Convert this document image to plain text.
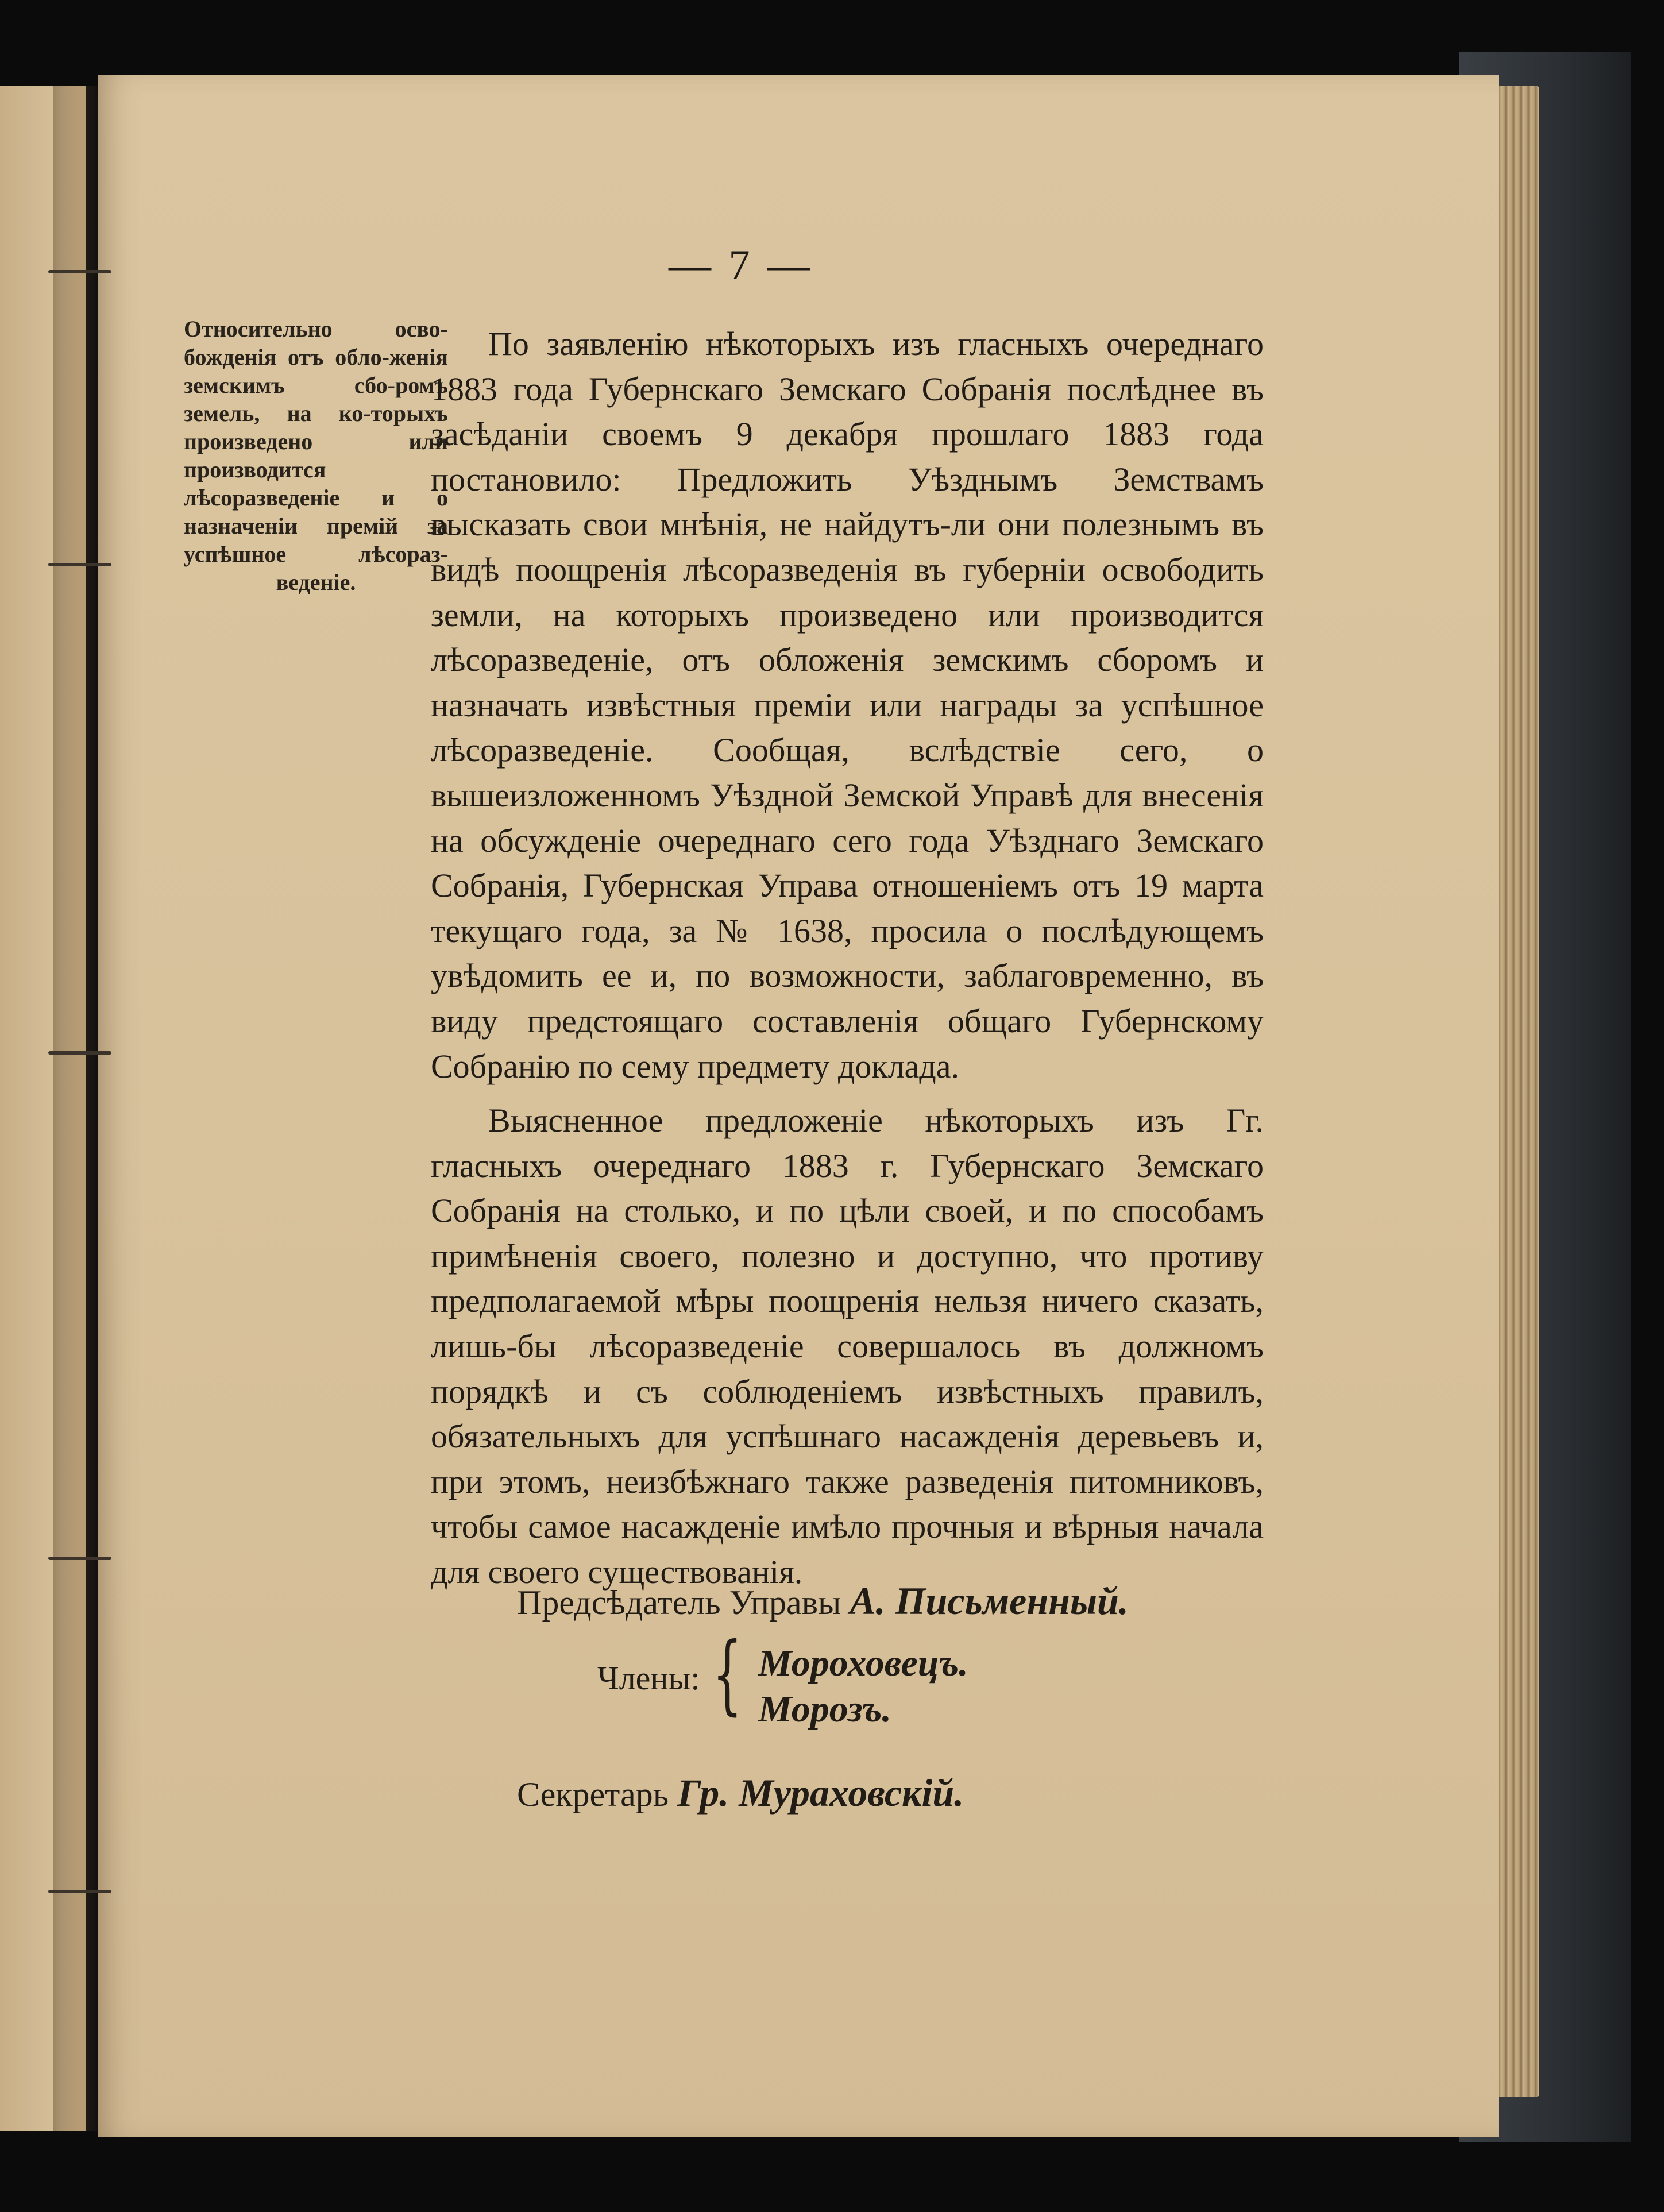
— 7 —
Относительно осво-божденія отъ обло-женія земскимъ сбо-ромъ земель, на ко-торыхъ произведено или производится лѣсоразведеніе и о назначеніи премій за успѣшное лѣсораз-веденіе.

По заявленію нѣкоторыхъ изъ гласныхъ очереднаго 1883 года Губернскаго Земскаго Собранія послѣднее въ засѣданіи своемъ 9 декабря прошлаго 1883 года постановило: Предложить Уѣзднымъ Земствамъ высказать свои мнѣнія, не найдутъ-ли они полезнымъ въ видѣ поощренія лѣсоразведенія въ губерніи освободить земли, на которыхъ произведено или производится лѣсоразведеніе, отъ обложенія земскимъ сборомъ и назначать извѣстныя преміи или награды за успѣшное лѣсоразведеніе. Сообщая, вслѣдствіе сего, о вышеизложенномъ Уѣздной Земской Управѣ для внесенія на обсужденіе очереднаго сего года Уѣзднаго Земскаго Собранія, Губернская Управа отношеніемъ отъ 19 марта текущаго года, за № 1638, просила о послѣдующемъ увѣдомить ее и, по возможности, заблаговременно, въ виду предстоящаго составленія общаго Губернскому Собранію по сему предмету доклада.

Выясненное предложеніе нѣкоторыхъ изъ Гг. гласныхъ очереднаго 1883 г. Губернскаго Земскаго Собранія на столько, и по цѣли своей, и по способамъ примѣненія своего, полезно и доступно, что противу предполагаемой мѣры поощренія нельзя ничего сказать, лишь-бы лѣсоразведеніе совершалось въ должномъ порядкѣ и съ соблюденіемъ извѣстныхъ правилъ, обязательныхъ для успѣшнаго насажденія деревьевъ и, при этомъ, неизбѣжнаго также разведенія питомниковъ, чтобы самое насажденіе имѣло прочныя и вѣрныя начала для своего существованія.

Предсѣдатель Управы А. Письменный.
Члены: { Мороховецъ.
Морозъ.
Секретарь Гр. Мураховскій.
